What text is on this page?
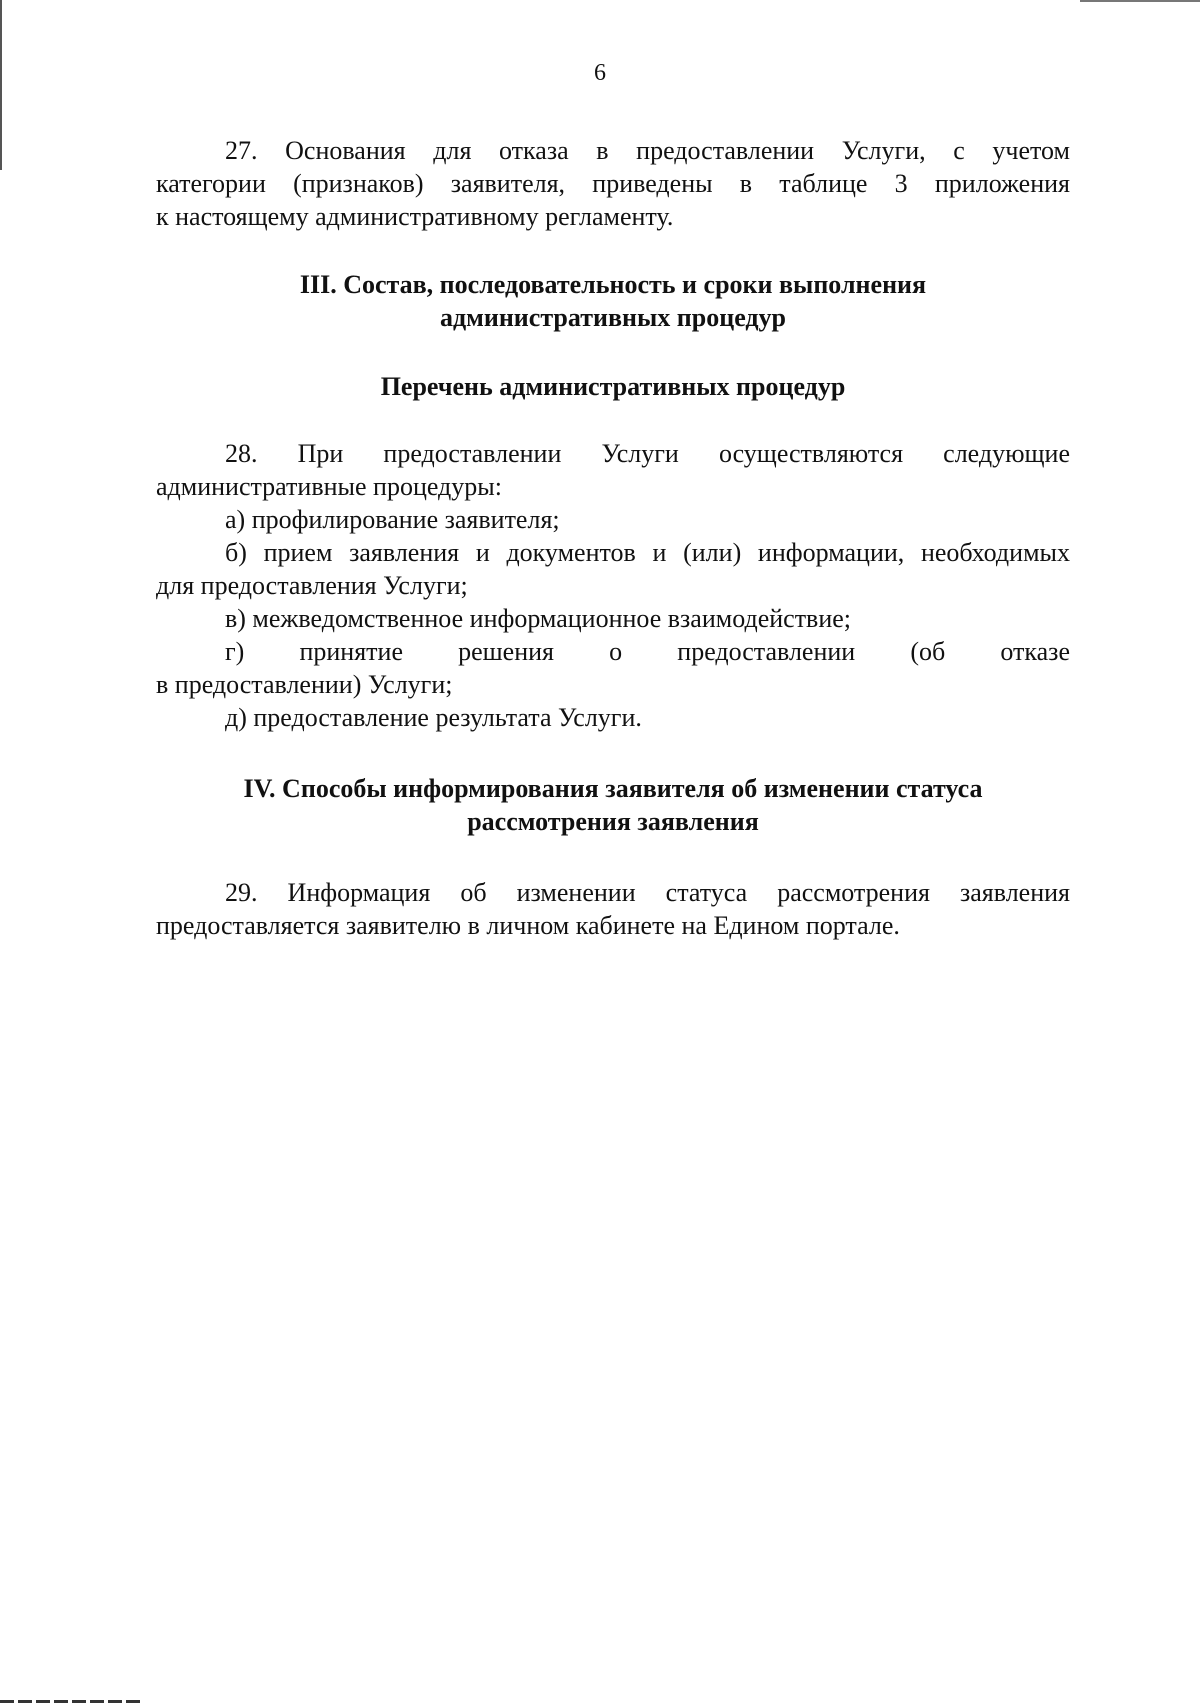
6

27. Основания для отказа в предоставлении Услуги, с учетом

категории (признаков) заявителя, приведены в таблице 3 приложения

к настоящему административному регламенту.

III. Состав, последовательность и сроки выполнения
административных процедур
Перечень административных процедур

28. При предоставлении Услуги осуществляются следующие

административные процедуры:

а) профилирование заявителя;

б) прием заявления и документов и (или) информации, необходимых

для предоставления Услуги;

в) межведомственное информационное взаимодействие;

г) принятие решения о предоставлении (об отказе

в предоставлении) Услуги;

д) предоставление результата Услуги.

IV. Способы информирования заявителя об изменении статуса
рассмотрения заявления

29. Информация об изменении статуса рассмотрения заявления

предоставляется заявителю в личном кабинете на Едином портале.
